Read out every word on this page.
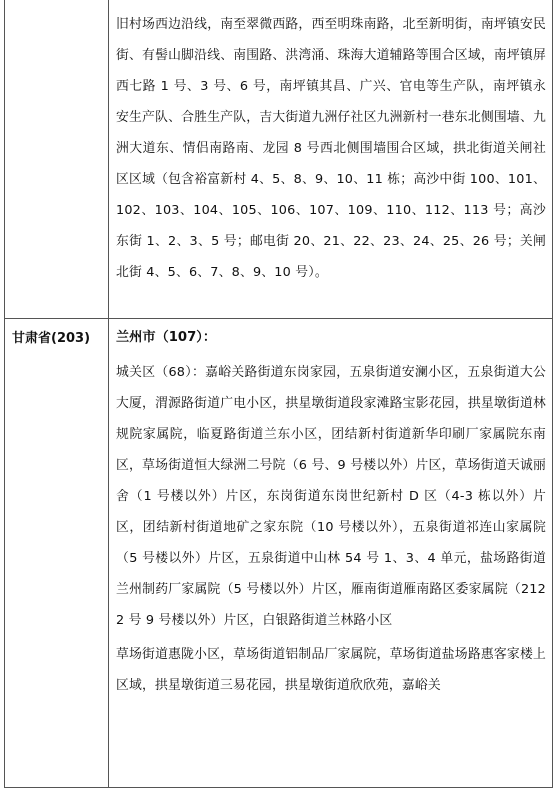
	旧村场西边沿线，南至翠微西路，西至明珠南路，北至新明街，南坪镇安民街、有髻山脚沿线、南围路、洪湾涌、珠海大道辅路等围合区域，南坪镇屏西七路 1 号、3 号、6 号，南坪镇其昌、广兴、官电等生产队，南坪镇永安生产队、合胜生产队，吉大街道九洲仔社区九洲新村一巷东北侧围墙、九洲大道东、情侣南路南、龙园 8 号西北侧围墙围合区域，拱北街道关闸社区区域（包含裕富新村 4、5、8、9、10、11 栋；高沙中街 100、101、102、103、104、105、106、107、109、110、112、113 号；高沙东街 1、2、3、5 号；邮电街 20、21、22、23、24、25、26 号；关闸北街 4、5、6、7、8、9、10 号）。

甘肃省(203)	兰州市（107）：

城关区（68）：嘉峪关路街道东岗家园，五泉街道安澜小区，五泉街道大公大厦，渭源路街道广电小区，拱星墩街道段家滩路宝影花园，拱星墩街道林规院家属院，临夏路街道兰东小区，团结新村街道新华印刷厂家属院东南区，草场街道恒大绿洲二号院（6 号、9 号楼以外）片区，草场街道天诚丽舍（1 号楼以外）片区，东岗街道东岗世纪新村 D 区（4-3 栋以外）片区，团结新村街道地矿之家东院（10 号楼以外），五泉街道祁连山家属院（5 号楼以外）片区，五泉街道中山林 54 号 1、3、4 单元，盐场路街道兰州制药厂家属院（5 号楼以外）片区，雁南街道雁南路区委家属院（2122 号 9 号楼以外）片区，白银路街道兰林路小区

草场街道惠陇小区，草场街道铝制品厂家属院，草场街道盐场路惠客家楼上区域，拱星墩街道三易花园，拱星墩街道欣欣苑，嘉峪关
